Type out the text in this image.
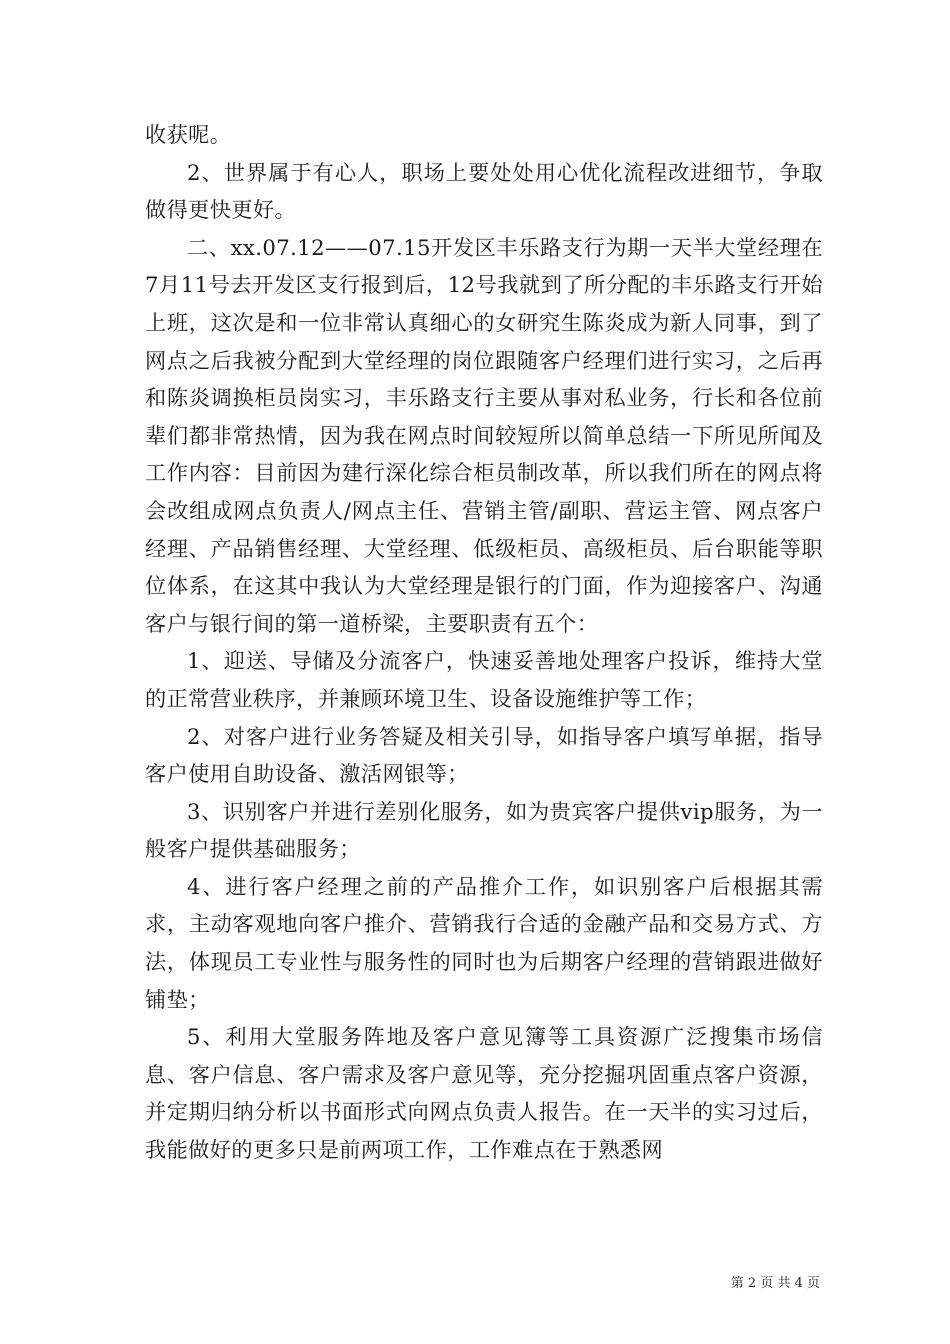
收获呢。

2、世界属于有心人，职场上要处处用心优化流程改进细节，争取做得更快更好。

二、xx.07.12——07.15开发区丰乐路支行为期一天半大堂经理在7月11号去开发区支行报到后，12号我就到了所分配的丰乐路支行开始上班，这次是和一位非常认真细心的女研究生陈炎成为新人同事，到了网点之后我被分配到大堂经理的岗位跟随客户经理们进行实习，之后再和陈炎调换柜员岗实习，丰乐路支行主要从事对私业务，行长和各位前辈们都非常热情，因为我在网点时间较短所以简单总结一下所见所闻及工作内容：目前因为建行深化综合柜员制改革，所以我们所在的网点将会改组成网点负责人/网点主任、营销主管/副职、营运主管、网点客户经理、产品销售经理、大堂经理、低级柜员、高级柜员、后台职能等职位体系，在这其中我认为大堂经理是银行的门面，作为迎接客户、沟通客户与银行间的第一道桥梁，主要职责有五个：

1、迎送、导储及分流客户，快速妥善地处理客户投诉，维持大堂的正常营业秩序，并兼顾环境卫生、设备设施维护等工作；

2、对客户进行业务答疑及相关引导，如指导客户填写单据，指导客户使用自助设备、激活网银等；

3、识别客户并进行差别化服务，如为贵宾客户提供vip服务，为一般客户提供基础服务；

4、进行客户经理之前的产品推介工作，如识别客户后根据其需求，主动客观地向客户推介、营销我行合适的金融产品和交易方式、方法，体现员工专业性与服务性的同时也为后期客户经理的营销跟进做好铺垫；

5、利用大堂服务阵地及客户意见簿等工具资源广泛搜集市场信息、客户信息、客户需求及客户意见等，充分挖掘巩固重点客户资源，并定期归纳分析以书面形式向网点负责人报告。在一天半的实习过后，我能做好的更多只是前两项工作，工作难点在于熟悉网

第 2 页 共 4 页
